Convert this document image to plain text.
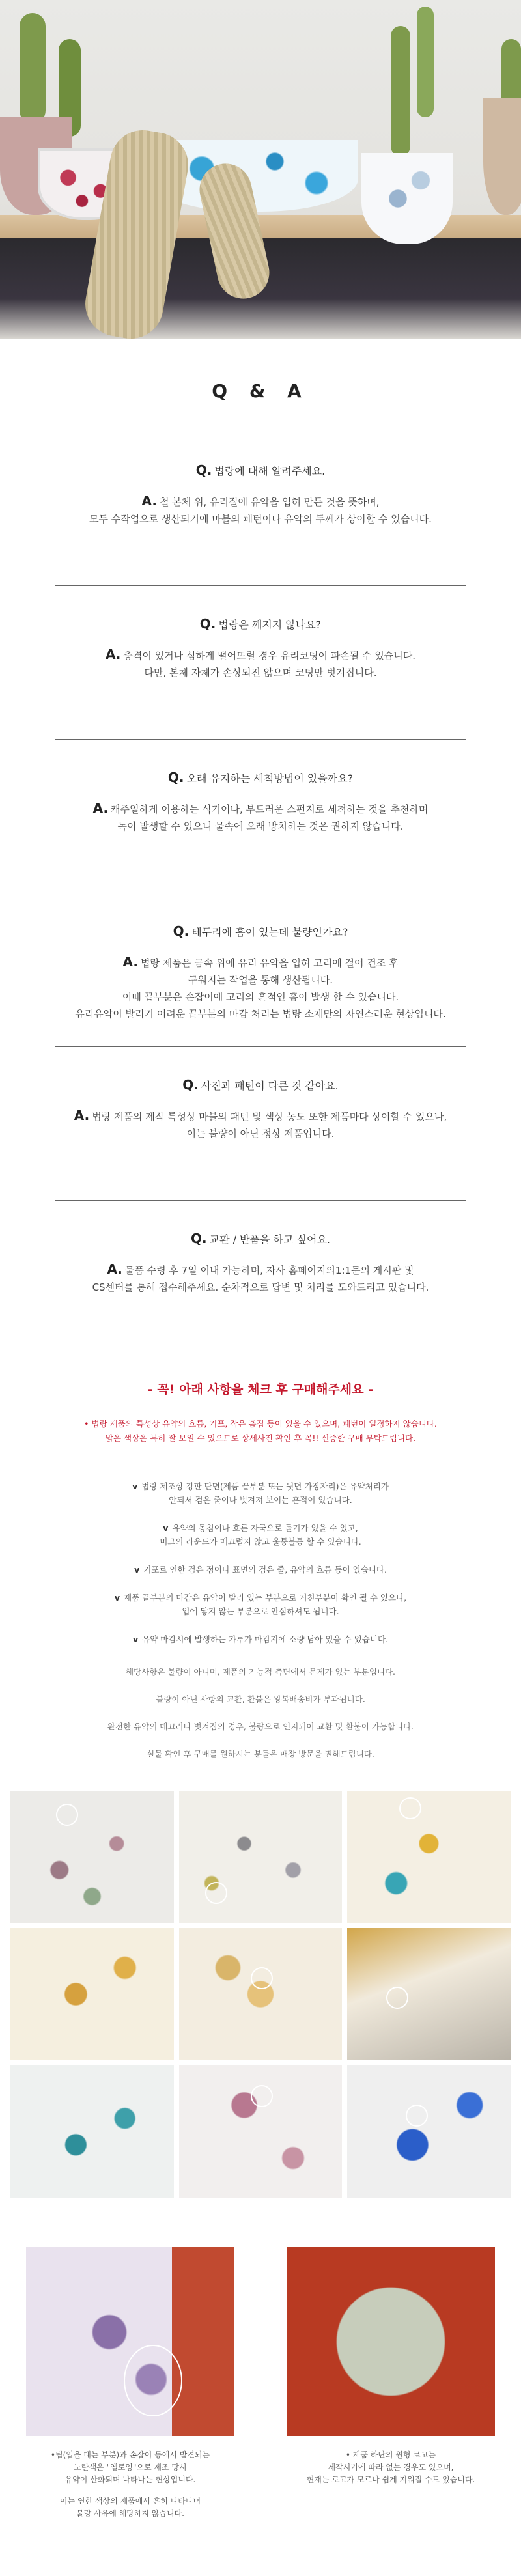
Q & A
Q. 법랑에 대해 알려주세요.
A. 철 본체 위, 유리질에 유약을 입혀 만든 것을 뜻하며,
모두 수작업으로 생산되기에 마블의 패턴이나 유약의 두께가 상이할 수 있습니다.
Q. 법랑은 깨지지 않나요?
A. 충격이 있거나 심하게 떨어뜨릴 경우 유리코팅이 파손될 수 있습니다.
다만, 본체 자체가 손상되진 않으며 코팅만 벗겨집니다.
Q. 오래 유지하는 세척방법이 있을까요?
A. 캐주얼하게 이용하는 식기이나, 부드러운 스펀지로 세척하는 것을 추천하며
녹이 발생할 수 있으니 물속에 오래 방치하는 것은 권하지 않습니다.
Q. 테두리에 흠이 있는데 불량인가요?
A. 법랑 제품은 금속 위에 유리 유약을 입혀 고리에 걸어 건조 후
구워지는 작업을 통해 생산됩니다.
이때 끝부분은 손잡이에 고리의 흔적인 흠이 발생 할 수 있습니다.
유리유약이 발리기 어려운 끝부분의 마감 처리는 법랑 소재만의 자연스러운 현상입니다.
Q. 사진과 패턴이 다른 것 같아요.
A. 법랑 제품의 제작 특성상 마블의 패턴 및 색상 농도 또한 제품마다 상이할 수 있으나,
이는 불량이 아닌 정상 제품입니다.
Q. 교환 / 반품을 하고 싶어요.
A. 물품 수령 후 7일 이내 가능하며, 자사 홈페이지의1:1문의 게시판 및
CS센터를 통해 접수해주세요. 순차적으로 답변 및 처리를 도와드리고 있습니다.
- 꼭! 아래 사항을 체크 후 구매해주세요 -
• 법랑 제품의 특성상 유약의 흐름, 기포, 작은 흠집 등이 있을 수 있으며, 패턴이 일정하지 않습니다.
밝은 색상은 특히 잘 보일 수 있으므로 상세사진 확인 후 꼭!! 신중한 구매 부탁드립니다.
v 법랑 제조상 강판 단면(제품 끝부분 또는 뒷면 가장자리)은 유약처리가
안되서 검은 줄이나 벗겨져 보이는 흔적이 있습니다.
v 유약의 몽침이나 흐른 자국으로 돌기가 있을 수 있고,
머그의 라운드가 매끄럽지 않고 울퉁불퉁 할 수 있습니다.
v 기포로 인한 검은 점이나 표면의 검은 줄, 유약의 흐름 등이 있습니다.
v 제품 끝부분의 마감은 유약이 발리 있는 부분으로 거친부분이 확인 될 수 있으나,
입에 닿지 않는 부분으로 안심하셔도 됩니다.
v 유약 마감시에 발생하는 가루가 마감지에 소량 남아 있을 수 있습니다.

해당사항은 불량이 아니며, 제품의 기능적 측면에서 문제가 없는 부분입니다.

불량이 아닌 사항의 교환, 환불은 왕복배송비가 부과됩니다.

완전한 유약의 매끄러나 벗겨짐의 경우, 불량으로 인지되어 교환 및 환불이 가능합니다.

실물 확인 후 구매를 원하시는 분들은 매장 방문을 권해드립니다.

•팁(입을 대는 부분)과 손잡이 등에서 발견되는
노란색은 "옐로잉"으로 제조 당시
유약이 산화되며 나타나는 현상입니다.

이는 연한 색상의 제품에서 흔히 나타나며
불량 사유에 해당하지 않습니다.

• 제품 하단의 원형 로고는
제작시기에 따라 없는 경우도 있으며,
현재는 로고가 모르나 쉽게 지워질 수도 있습니다.
